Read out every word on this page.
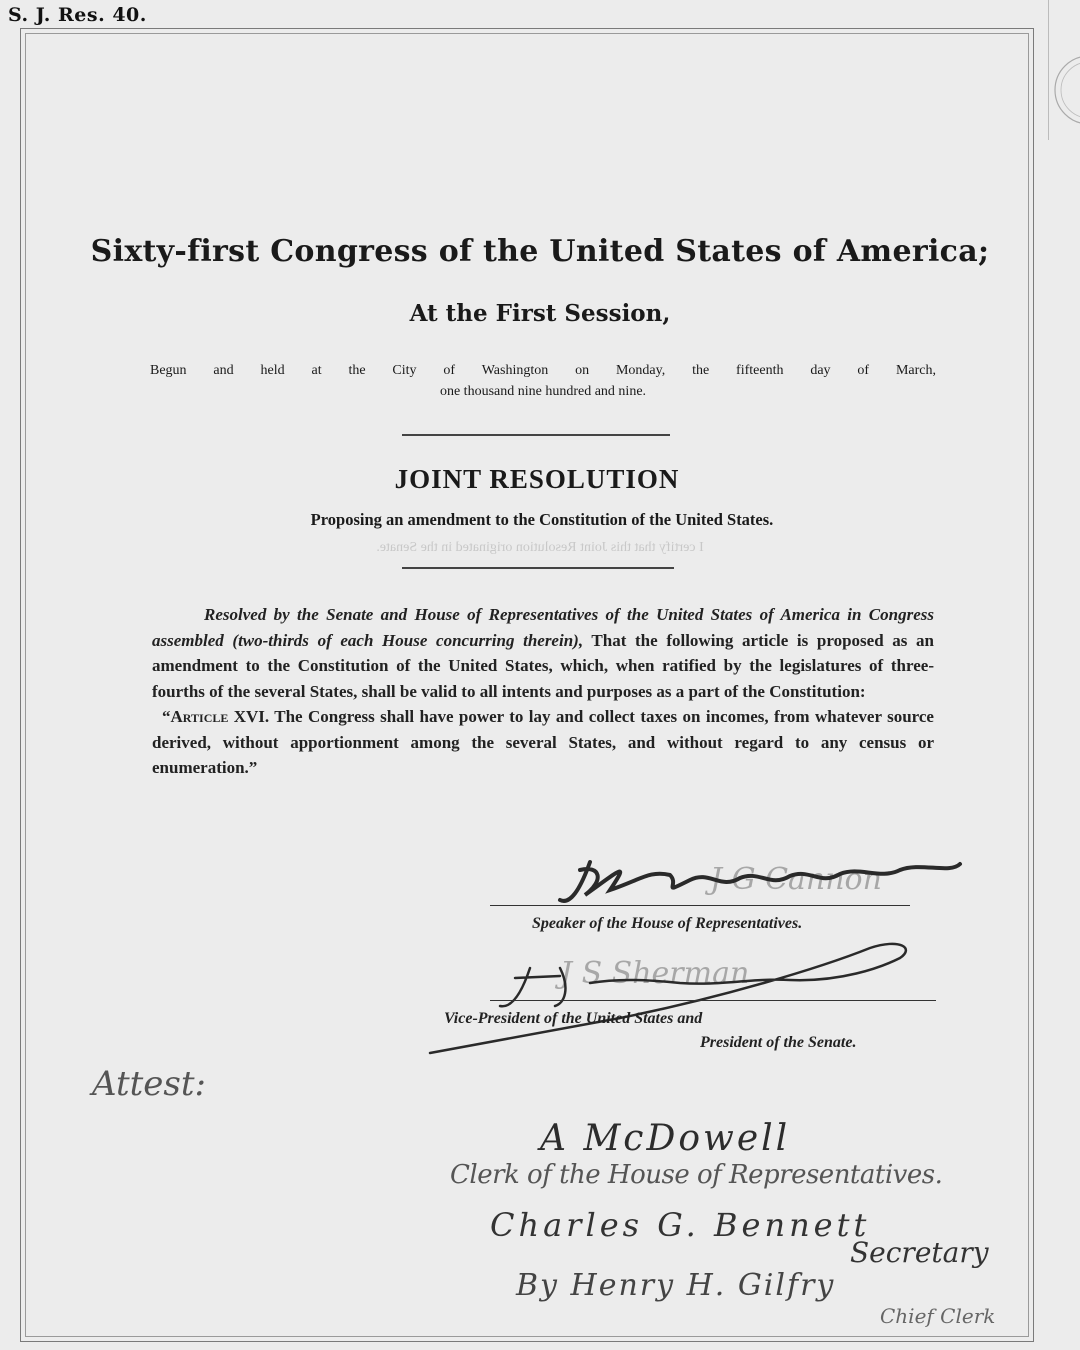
S. J. Res. 40.
Sixty-first Congress of the United States of America;
At the First Session,
Begun and held at the City of Washington on Monday, the fifteenth day of March,
one thousand nine hundred and nine.
JOINT RESOLUTION
Proposing an amendment to the Constitution of the United States.
I certify that this Joint Resolution originated in the Senate.

Resolved by the Senate and House of Representatives of the United States of America in Congress assembled (two-thirds of each House concurring therein), That the following article is proposed as an amendment to the Constitution of the United States, which, when ratified by the legislatures of three-fourths of the several States, shall be valid to all intents and purposes as a part of the Constitution:

“Article XVI. The Congress shall have power to lay and collect taxes on incomes, from whatever source derived, without apportionment among the several States, and without regard to any census or enumeration.”

J G Cannon
Speaker of the House of Representatives.
J S Sherman
Vice-President of the United States and
President of the Senate.
Attest:
A McDowell
Clerk of the House of Representatives.
Charles G. Bennett
Secretary
By Henry H. Gilfry
Chief Clerk
